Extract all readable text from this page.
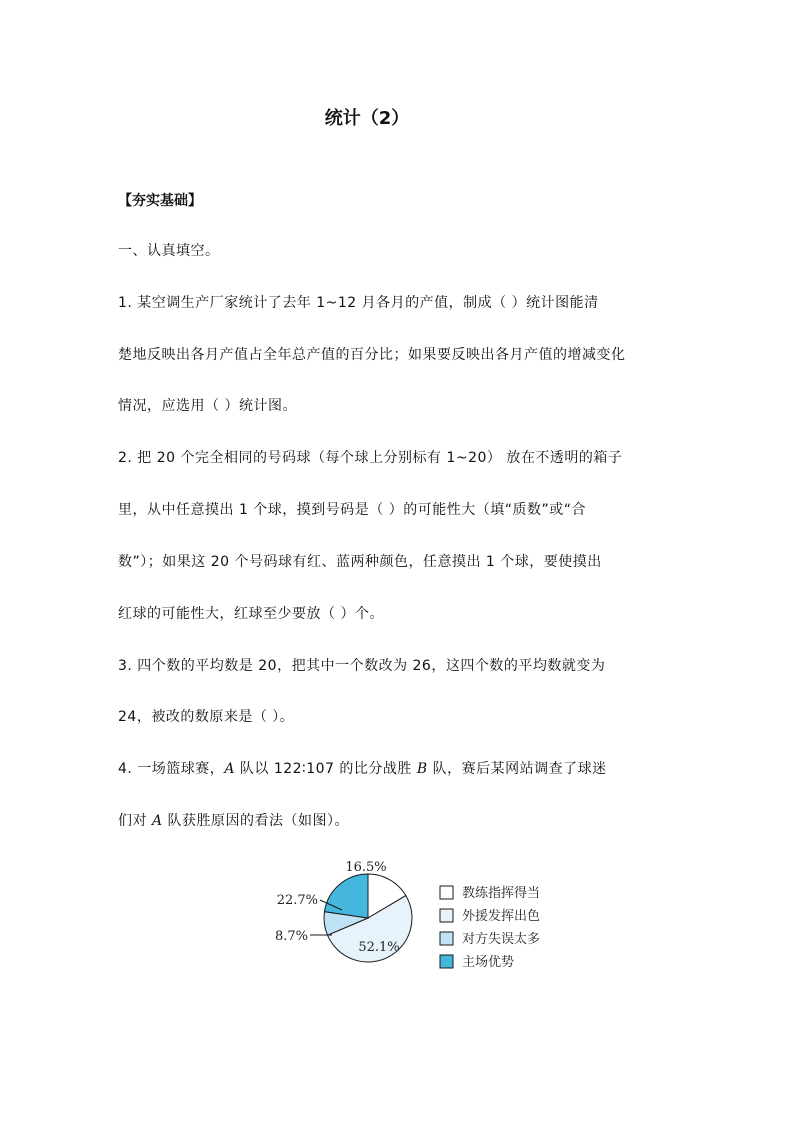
统计（2）
【夯实基础】
一、认真填空。
1. 某空调生产厂家统计了去年 1~12 月各月的产值，制成（ ）统计图能清
楚地反映出各月产值占全年总产值的百分比；如果要反映出各月产值的增减变化
情况，应选用（ ）统计图。
2. 把 20 个完全相同的号码球（每个球上分别标有 1~20） 放在不透明的箱子
里，从中任意摸出 1 个球，摸到号码是（ ）的可能性大（填“质数”或“合
数”）；如果这 20 个号码球有红、蓝两种颜色，任意摸出 1 个球，要使摸出
红球的可能性大，红球至少要放（ ）个。
3. 四个数的平均数是 20，把其中一个数改为 26，这四个数的平均数就变为
24，被改的数原来是（ ）。
4. 一场篮球赛，A 队以 122∶107 的比分战胜 B 队，赛后某网站调查了球迷
们对 A 队获胜原因的看法（如图）。
16.5%
52.1%
8.7%
22.7%	教练指挥得当
外援发挥出色
对方失误太多
主场优势
